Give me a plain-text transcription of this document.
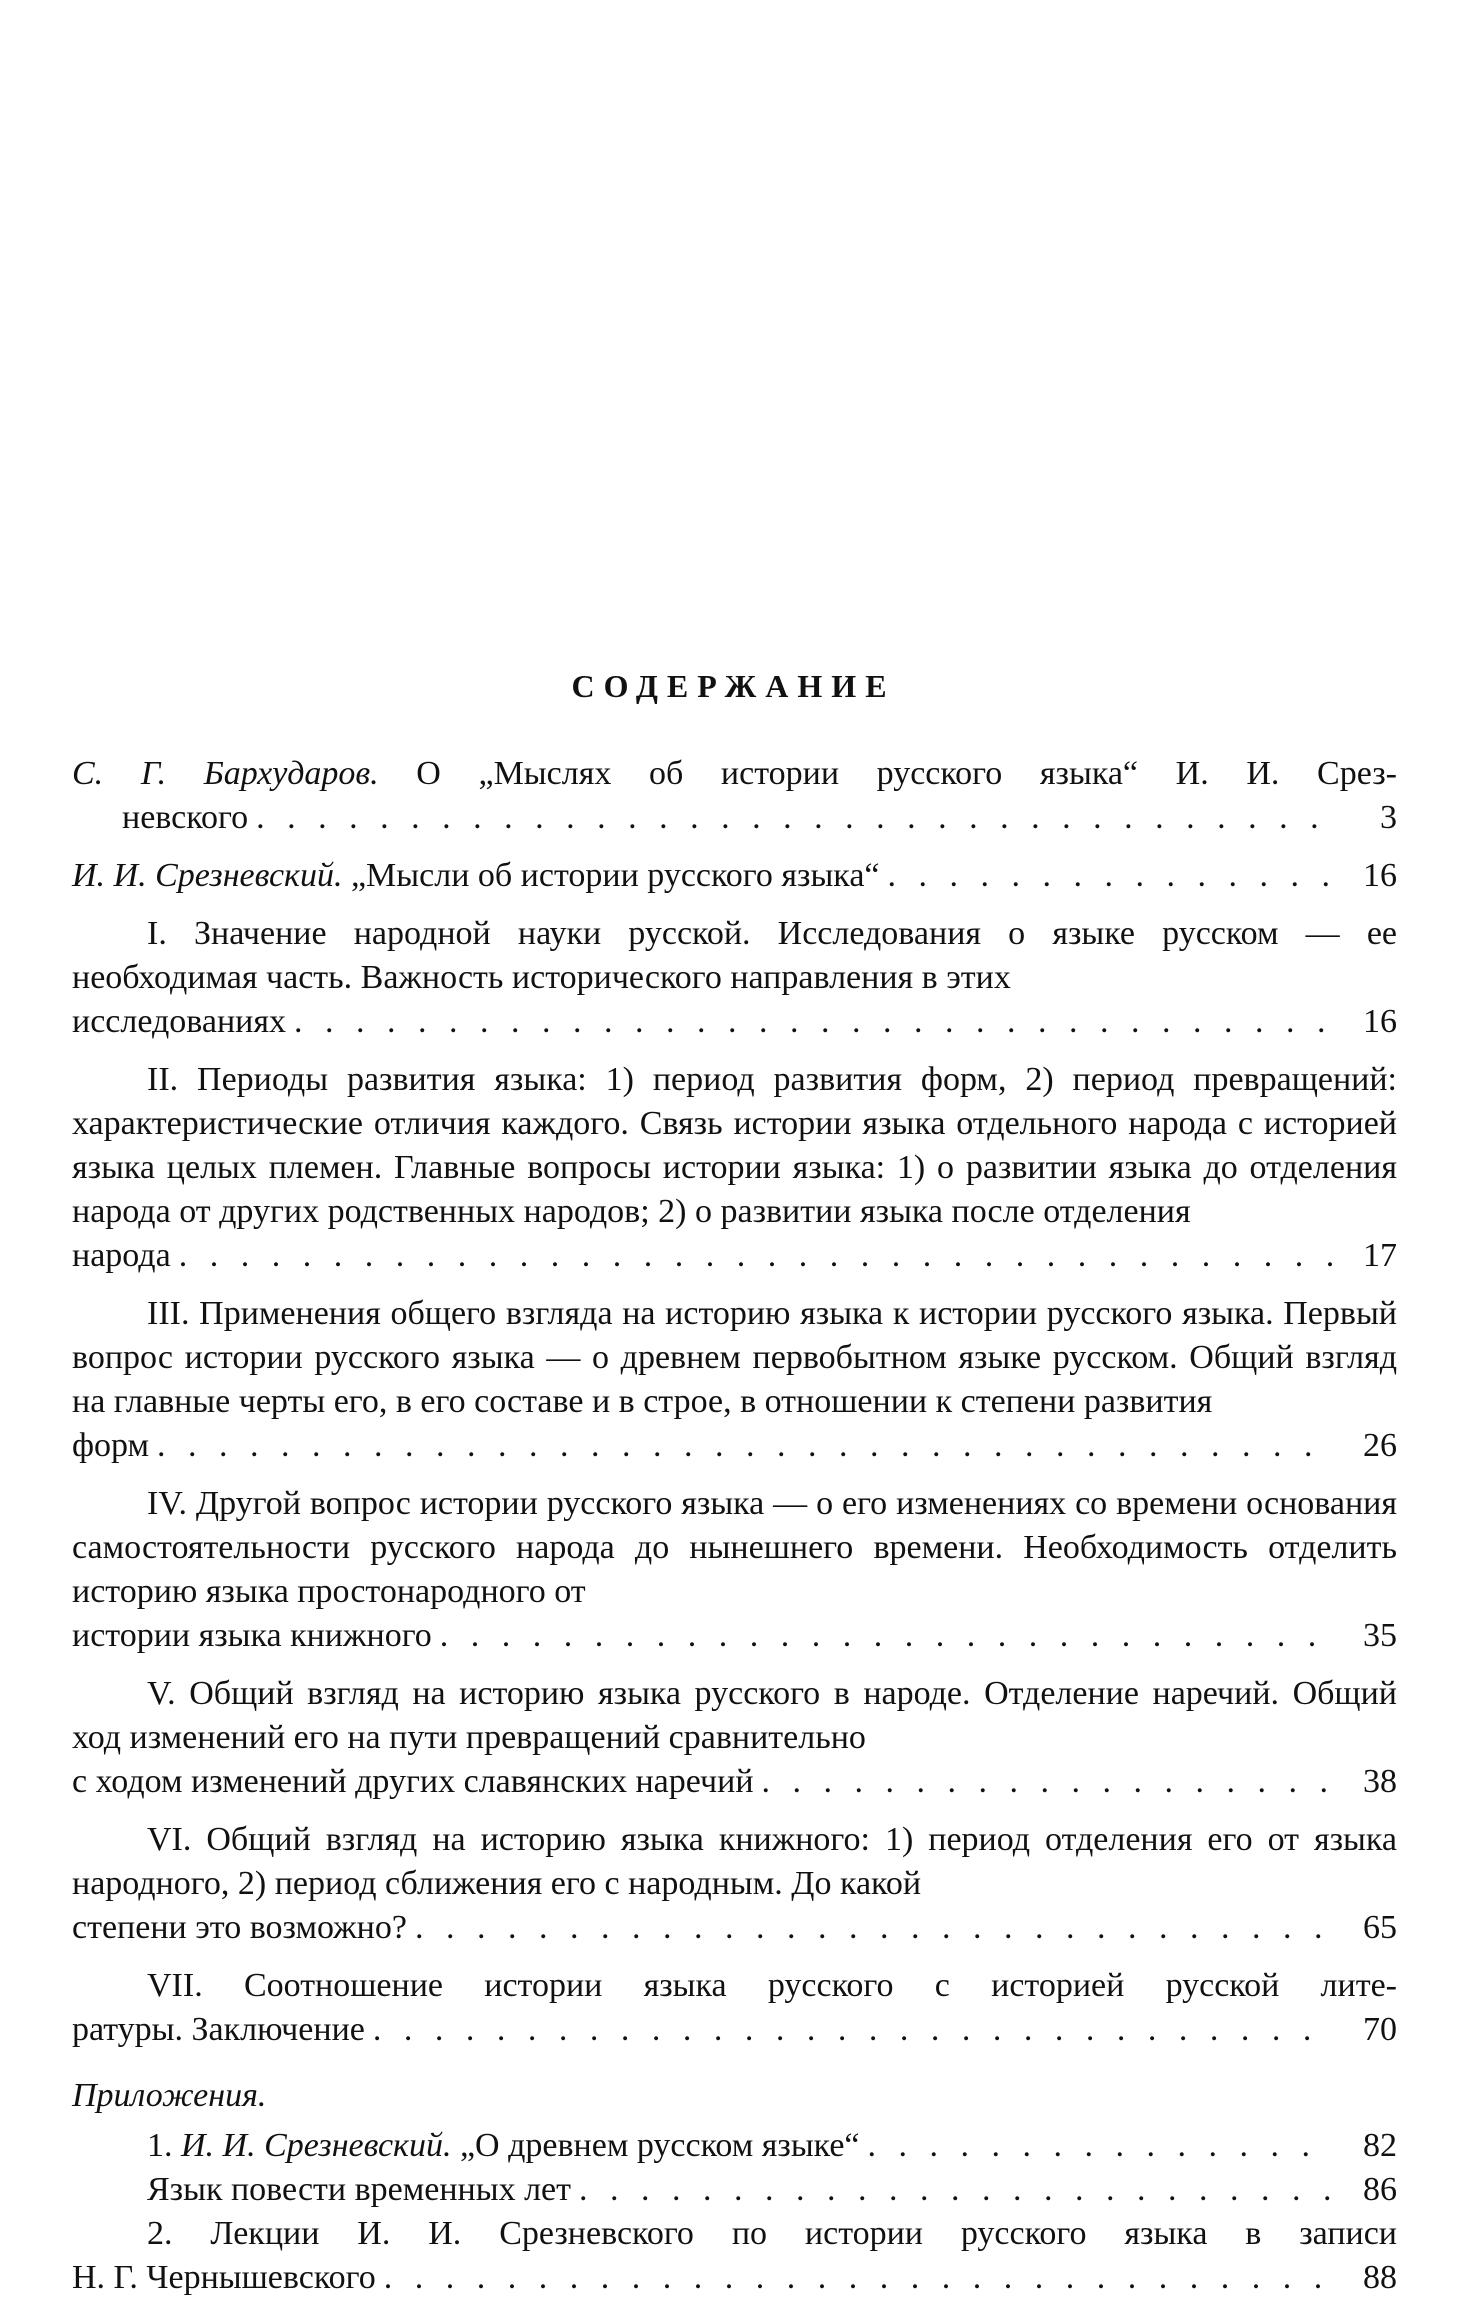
СОДЕРЖАНИЕ
С. Г. Бархударов. О „Мыслях об истории русского языка“ И. И. Срез-
невского . . .	3
И. И. Срезневский. „Мысли об истории русского языка“ . . .	16
I. Значение народной науки русской. Исследования о языке русском — ее необходимая часть. Важность исторического направления в этих
исследованиях . . .	16
II. Периоды развития языка: 1) период развития форм, 2) период превращений: характеристические отличия каждого. Связь истории языка отдельного народа с историей языка целых племен. Главные вопросы истории языка: 1) о развитии языка до отделения народа от других родственных народов; 2) о развитии языка после отделения
народа . . .	17
III. Применения общего взгляда на историю языка к истории русского языка. Первый вопрос истории русского языка — о древнем первобытном языке русском. Общий взгляд на главные черты его, в его составе и в строе, в отношении к степени развития
форм . . .	26
IV. Другой вопрос истории русского языка — о его изменениях со времени основания самостоятельности русского народа до нынешнего времени. Необходимость отделить историю языка простонародного от
истории языка книжного . . .	35
V. Общий взгляд на историю языка русского в народе. Отделение наречий. Общий ход изменений его на пути превращений сравнительно
с ходом изменений других славянских наречий . . .	38
VI. Общий взгляд на историю языка книжного: 1) период отделения его от языка народного, 2) период сближения его с народным. До какой
степени это возможно? . . .	65
VII. Соотношение истории языка русского с историей русской лите-
ратуры. Заключение . . .	70
Приложения.
1. И. И. Срезневский. „О древнем русском языке“ . . .	82
Язык повести временных лет . . .	86
2. Лекции И. И. Срезневского по истории русского языка в записи
Н. Г. Чернышевского . . .	88
